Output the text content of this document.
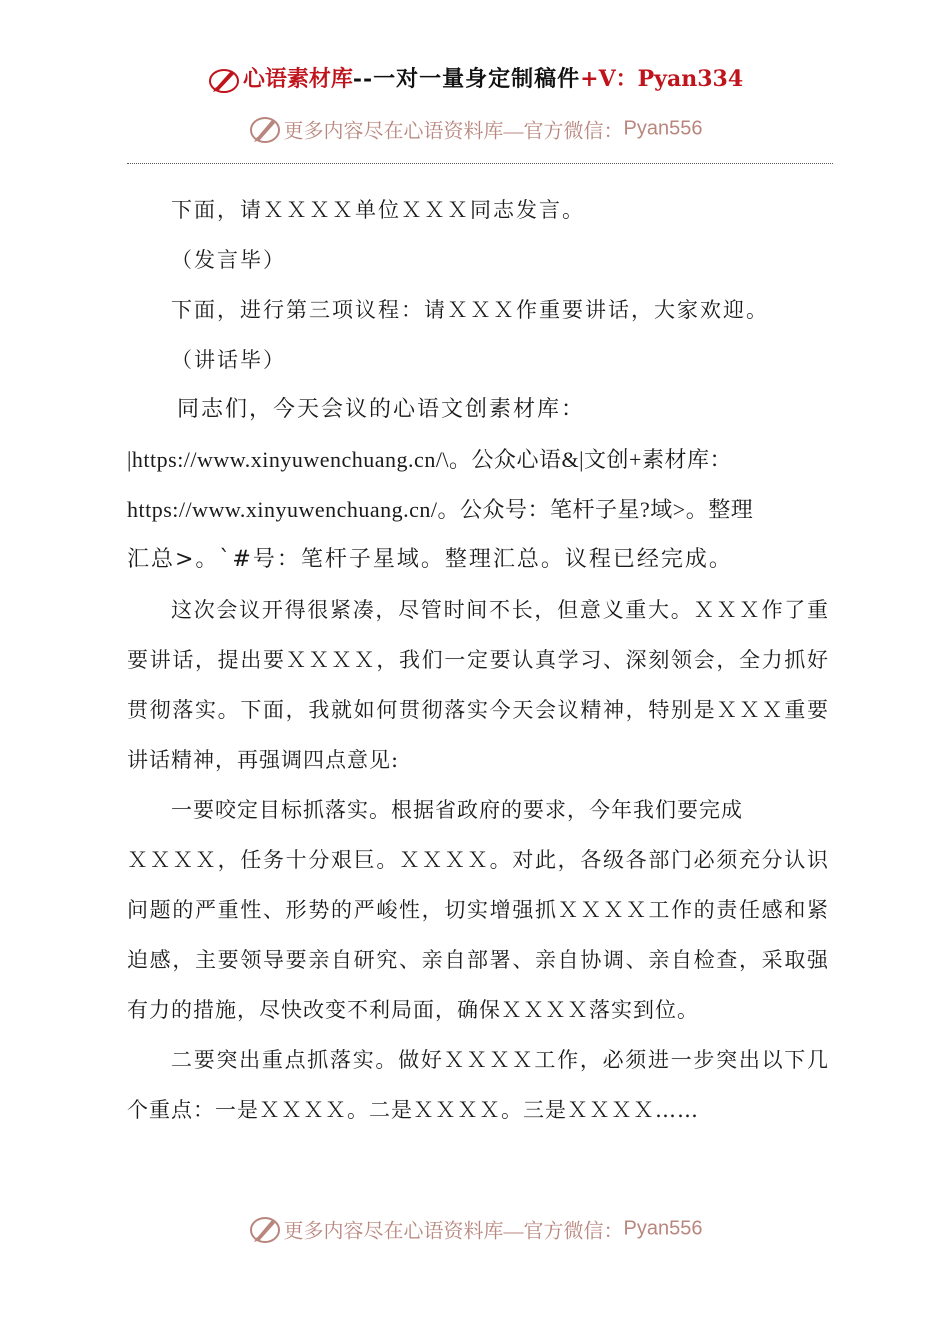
心语素材库--一对一量身定制稿件+V：Pyan334
更多内容尽在心语资料库—官方微信：Pyan556

下面，请ＸＸＸＸ单位ＸＸＸ同志发言。

（发言毕）

下面，进行第三项议程：请ＸＸＸ作重要讲话，大家欢迎。

（讲话毕）

同志们，今天会议的心语文创素材库：

|https://www.xinyuwenchuang.cn/\。公众心语&|文创+素材库：

https://www.xinyuwenchuang.cn/。公众号：笔杆子星?域>。整理

汇总>。`#号：笔杆子星域。整理汇总。议程已经完成。

这次会议开得很紧凑，尽管时间不长，但意义重大。ＸＸＸ作了重要讲话，提出要ＸＸＸＸ，我们一定要认真学习、深刻领会，全力抓好贯彻落实。下面，我就如何贯彻落实今天会议精神，特别是ＸＸＸ重要讲话精神，再强调四点意见:

一要咬定目标抓落实。根据省政府的要求，今年我们要完成

ＸＸＸＸ，任务十分艰巨。ＸＸＸＸ。对此，各级各部门必须充分认识问题的严重性、形势的严峻性，切实增强抓ＸＸＸＸ工作的责任感和紧迫感，主要领导要亲自研究、亲自部署、亲自协调、亲自检查，采取强有力的措施，尽快改变不利局面，确保ＸＸＸＸ落实到位。

二要突出重点抓落实。做好ＸＸＸＸ工作，必须进一步突出以下几个重点：一是ＸＸＸＸ。二是ＸＸＸＸ。三是ＸＸＸＸ……

更多内容尽在心语资料库—官方微信：Pyan556
